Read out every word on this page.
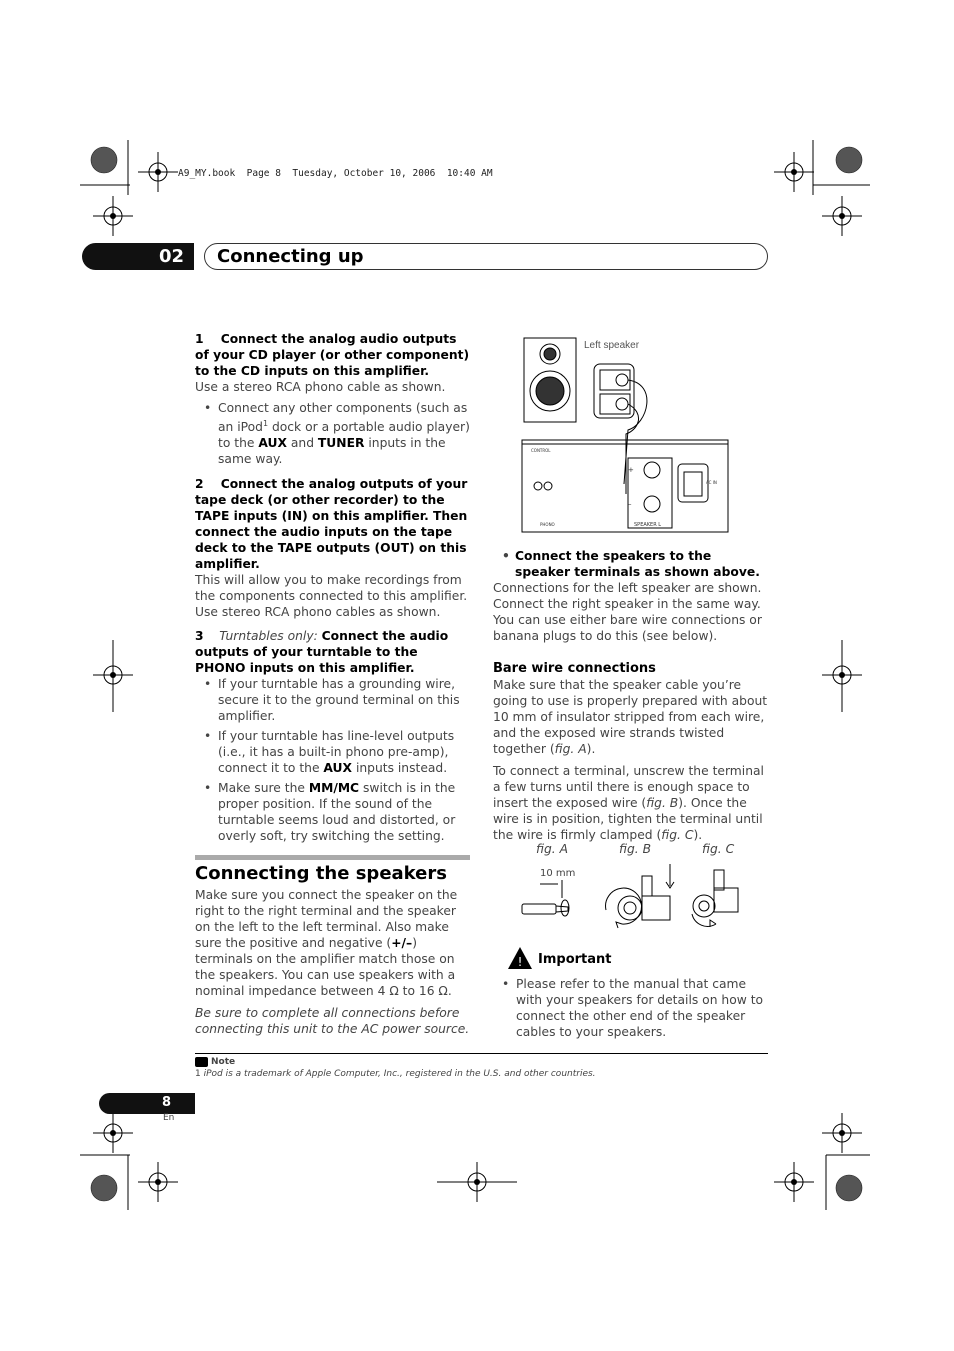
A9_MY.book  Page 8  Tuesday, October 10, 2006  10:40 AM
02	Connecting up

1 Connect the analog audio outputs of your CD player (or other component) to the CD inputs on this amplifier.

Use a stereo RCA phono cable as shown.

• Connect any other components (such as an iPod$^1$ dock or a portable audio player) to the AUX and TUNER inputs in the same way.

2 Connect the analog outputs of your tape deck (or other recorder) to the TAPE inputs (IN) on this amplifier. Then connect the audio inputs on the tape deck to the TAPE outputs (OUT) on this amplifier.

This will allow you to make recordings from the components connected to this amplifier. Use stereo RCA phono cables as shown.

3 Turntables only: Connect the audio outputs of your turntable to the PHONO inputs on this amplifier.

• If your turntable has a grounding wire, secure it to the ground terminal on this amplifier.

• If your turntable has line-level outputs (i.e., it has a built-in phono pre-amp), connect it to the AUX inputs instead.

• Make sure the MM/MC switch is in the proper position. If the sound of the turntable seems loud and distorted, or overly soft, try switching the setting.

Connecting the speakers

Make sure you connect the speaker on the right to the right terminal and the speaker on the left to the left terminal. Also make sure the positive and negative (+/–) terminals on the amplifier match those on the speakers. You can use speakers with a nominal impedance between 4 Ω to 16 Ω.

Be sure to complete all connections before connecting this unit to the AC power source.

Left speaker
CONTROL
PHONO	SPEAKER L
AC IN
+
–

• Connect the speakers to the speaker terminals as shown above.

Connections for the left speaker are shown. Connect the right speaker in the same way. You can use either bare wire connections or banana plugs to do this (see below).

Bare wire connections

Make sure that the speaker cable you’re going to use is properly prepared with about 10 mm of insulator stripped from each wire, and the exposed wire strands twisted together (fig. A).

To connect a terminal, unscrew the terminal a few turns until there is enough space to insert the exposed wire (fig. B). Once the wire is in position, tighten the terminal until the wire is firmly clamped (fig. C).

fig. A	fig. B	fig. C
10 mm
! Important

• Please refer to the manual that came with your speakers for details on how to connect the other end of the speaker cables to your speakers.

Note
1 iPod is a trademark of Apple Computer, Inc., registered in the U.S. and other countries.
8
En
